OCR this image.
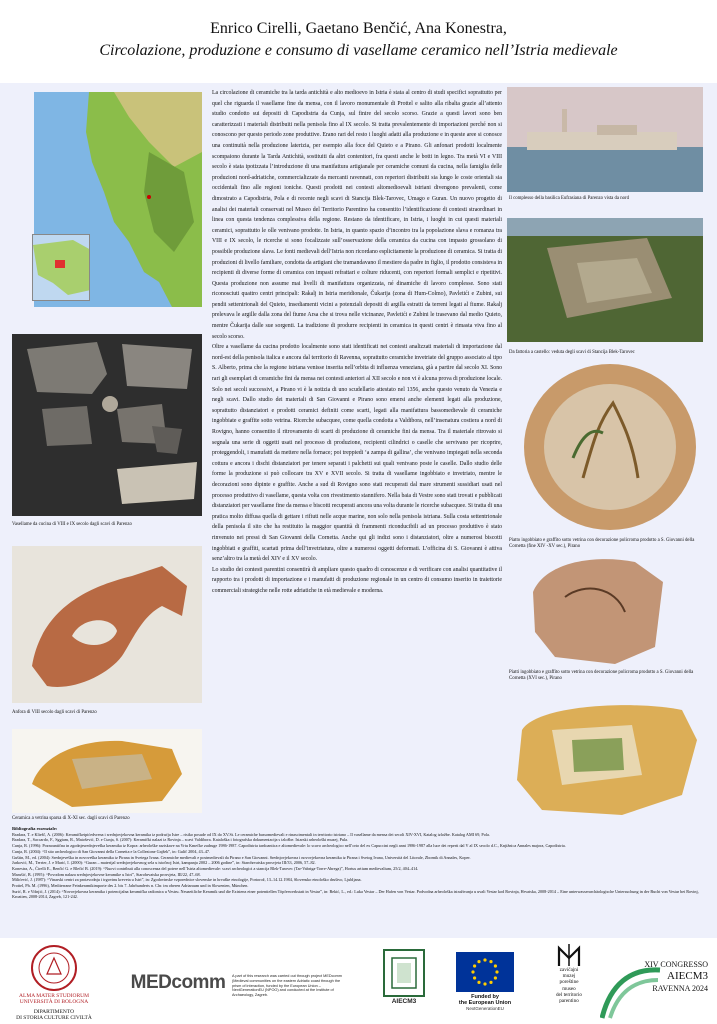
Enrico Cirelli, Gaetano Benčić, Ana Konestra,
Circolazione, produzione e consumo di vasellame ceramico nell’Istria medievale
Il complesso della basilica Eufrasiana di Parenzo vista da nord
Da fattoria a castello: veduta degli scavi di Stancija Blek-Tarovec
Vasellame da cucina di VIII e IX secolo dagli scavi di Parenzo
Piatto ingobbiato e graffito sotto vetrina con decorazione policroma prodotto a S. Giovanni della Cornetta (fine XIV -XV sec.), Pirano
Anfora di VIII secolo dagli scavi di Parenzo
Piatti ingobbiato e graffito sotto vetrina con decorazione policroma prodotto a S. Giovanni della Cornetta (XVI sec.), Pirano
Ceramica a vetrina sparsa di X-XI sec. dagli scavi di Parenzo

La circolazione di ceramiche tra la tarda antichità e alto medioevo in Istria è stata al centro di studi specifici soprattutto per quel che riguarda il vasellame fine da mensa, con il lavoro monumentale di Prottel e salito alla ribalta grazie all’attento studio condotto sui depositi di Capodistria da Cunja, sul finire del secolo scorso. Grazie a questi lavori sono ben caratterizzati i materiali distribuiti nella penisola fino al IX secolo. Si tratta prevalentemente di importazioni perché non si conoscono per questo periodo zone produttive. Erano rari del resto i luoghi adatti alla produzione e in queste aree si conosce una continuità nella produzione laterizia, per esempio alla foce del Quieto e a Pirano. Gli anfonari prodotti localmente scompaiono durante la Tarda Antichità, sostituiti da altri contenitori, fra questi anche le botti in legno. Tra metà VI e VIII secolo è stata ipotizzata l’introduzione di una manifattura artigianale per ceramiche comuni da cucina, nella famiglia delle produzioni nord-adriatiche, commercializzate da mercanti ravennati, con repertori distribuiti sia lungo le coste orientali sia occidentali fino alle regioni ioniche. Questi prodotti nei contesti altomedioevali istriani divengono prevalenti, come dimostrato a Capodistria, Pola e di recente negli scavi di Stancija Blek-Tarovec, Umago e Guran. Un nuovo progetto di analisi dei materiali conservati nel Museo del Territorio Parentino ha consentito l’identificazione di contesti straordinari in linea con questa tendenza complessiva della regione. Restano da identificare, in Istria, i luoghi in cui questi materiali ceramici, soprattutto le olle venivano prodotte. In Istria, in quanto spazio d’incontro tra la popolazione slava e romanza tra VIII e IX secolo, le ricerche si sono focalizzate sull’osservazione della ceramica da cucina con impasto grossolano di possibile produzione slava. Le fonti medievali dell’Istria non ricordano esplicitamente la produzione di ceramica. Si tratta di produzioni di livello familiare, condotta da artigiani che tramandavano il mestiere da padre in figlio, il prodotto consisteva in recipienti di diverse forme di ceramica con impasti refrattari e colture riducenti, con repertori formali semplici e ripetitivi. Questa produzione non assume mai livelli di manifattura organizzata, né dinamiche di lavoro complesse. Sono stati riconosciuti quattro centri principali: Rakalj in Istria meridionale, Čukarija (zona di Hum-Colmo), Pavletići e Zubini, sui pendii settentrionali del Quieto, insediamenti vicini a potenziali depositi di argilla estratti da terreni legati al fiume. Rakalj prelevava le argille dalla zona del fiume Arsa che si trova nelle vicinanze, Pavletići e Zubini le trasevano dal medio Quieto, mentre Čukarija dalle sue sorgenti. La tradizione di produrre recipienti in ceramica in questi centri è rimasta viva fino al secolo scorso.

Oltre a vasellame da cucina prodotto localmente sono stati identificati nei contesti analizzati materiali di importazione dal nord-est della penisola italica e ancora dal territorio di Ravenna, soprattutto ceramiche invetriate del gruppo associato al tipo S. Alberto, prima che la regione istriana venisse inserita nell’orbita di influenza veneziana, già a partire dal secolo XI. Sono rari gli esemplari di ceramiche fini da mensa nei contesti anteriori al XII secolo e non vi è alcuna prova di produzione locale. Solo nei secoli successivi, a Pirano vi è la notizia di uno scudellario attestato nel 1356, anche questo venuto da Venezia e negli scavi. Dallo studio dei materiali di San Giovanni e Pirano sono emersi anche elementi legati alla produzione, soprattutto distanziatori e prodotti ceramici definiti come scarti, legati alla manifattura bassomedievale di ceramiche ingobbiate e graffite sotto vetrina. Ricerche subacquee, come quella condotta a Valdibora, nell’insenatura costiera a nord di Rovigno, hanno consentito il ritrovamento di scarti di produzione di ceramiche fini da mensa. Tra il materiale ritrovato si segnala una serie di oggetti usati nel processo di produzione, recipienti cilindrici o caselle che servivano per ricoprire, proteggendoli, i manufatti da mettere nella fornace; poi treppiedi ‘a zampa di gallina’, che venivano impiegati nella seconda cottura e ancora i dischi distanziatori per tenere separati i palchetti sui quali venivano poste le caselle. Dallo studio delle forme la produzione si può collocare tra XV e XVII secolo. Si tratta di vasellame ingobbiato e invetriato, mentre le decorazioni sono dipinte e graffite. Anche a sud di Rovigno sono stati recuperati dal mare strumenti sussidiari usati nel processo produttivo di vasellame, questa volta con rivestimento stannifero. Nella baia di Vestre sono stati trovati e pubblicati distanziatori per vasellame fine da mensa e biscotti recuperati ancora una volta durante le ricerche subacquee. Si tratta di una pratica molto diffusa quella di gettare i rifiuti nelle acque marine, non solo nella penisola istriana. Sulla costa settentrionale della penisola il sito che ha restituito la maggior quantità di frammenti riconducibili ad un processo produttivo è stato rinvenuto nei pressi di San Giovanni della Cornetta. Anche qui gli indizi sono i distanziatori, oltre a numerosi biscotti ingobbiati e graffiti, scartati prima dell’invetriatura, oltre a numerosi oggetti deformati. L’officina di S. Giovanni è attiva senz’altro tra la metà del XIV e il XV secolo.

Lo studio dei contesti parentini consentirà di ampliare questo quadro di conoscenze e di verificare con analisi quantitative il rapporto tra i prodotti di importazione e i manufatti di produzione regionale in un centro di consumo inserito in traiettorie commerciali strategiche nelle rotte adriatiche in età medievale e moderna.

Bibliografia essenziale:
Bradara, T. e Kliešč, A. (2006): Keramičkeipićedvrena i srednjovjekovna keramika iz podrućja Istre – risiko posude od IX do XV.St. Le ceramiche bassomedievali e rinascimentali in territorio istriano – Il vasellame da mensa dei secoli XIV-XVI, Katalog izložbe. Katalog AMI 69, Pola.
Bradara, T., Saccardo, F., Sggiam, R., Matošević, D. e Cunja, S. (2007): Keramički nalazi iz Rovinja – scavi Valdibora. Kataloška i fotografska dokumentacija s izložbe. Istarski arheološki muzej, Pula.
Cunja, R. (1996): Poznoantična in zgodnjesrednjeveška keramika iz Kopra: arheološke raziskave na Vrtu Kmečke zadruge 1986-1987. Capodistria tardoantica e altomedievale: lo scavo archeologico nell’orto del ex Capuccini negli anni 1986-1987 alla luce dei reperti dal V al IX secolo d.C., Knjižnica Annales majora, Capodistria.
Cunja, R. (2004): “Il sito archeologico di San Giovanni della Cornetta e la Collezione Gajšek”, in: Gulič 2004, 43–47.
Guštin, M., ed. (2004): Srednjeveška in novoveška keramika iz Pirana in Svetega Ivana. Ceramiche medievali e postmedievali da Pirano e San Giovanni. Srednjovjekovna i novovjekovna keramika iz Pirana i Svetog Ivana, Università del Litorale, Zbornik di Annales, Koper.
Jurković, M., Terrier, J. e Marić, I. (2000): “Guran – materijal srednjovjekovnog sela u istočnoj Istri, kampanja 2002 – 2006 godine”, in: Starohrvatska prosvjeta III/33, 2006, 57–82.
Konestra, A., Ćirelli E., Benčić G. e Blečić B. (2019): “Nuovi contributi alla conoscenza del potere nell’Istria altomedievale: scavi archeologici a stancija Blek-Tarovec (Tar-Vabriga-Torre-Abrega)”, Hortus artium medievalium, 25/2, 404–414.
Marušić, B. (1995): “Povodom nalaza srednjovjekovne keramike u Istri”, Starohrvatska prosvjeta, III/22, 47–68.
Milićević, J. (1987): “Vinarski centri za proizvodnju i trgovinu kreveta u Istri”, in: Zgodovinske vzporednice slovenske in hrvaške etnologije, Portorož, 13–14.12.1984, Slovensko etnološko društvo, Ljubljana.
Prottel, Ph. M. (1996), Mediterrane Feinkeramikimporte des 2. bis 7. Jahrhunderts n. Chr. im oberen Adriaraum und in Slowenien, München.
Surić, R. e Višnjić, J. (2014): “Novovjekovna keramika i potencijalna keramička radionica u Vestru. Neuzeitliche Keramik und die Existenz einer potentiellen Töpferwerkstatt in Vestar”, in: Bekić, L., ed.: Luka Vestar – Der Hafen von Vestar. Podvodna arheološka istraživanja u uvali Vestar kod Rovinja, Hrvatska, 2008-2014 – Eine unterwasserarchäologische Untersuchung in der Bucht von Vestar bei Rovinj, Kroatien, 2008-2014, Zagreb, 121-242.
ALMA MATER STUDIORUM
UNIVERSITÀ DI BOLOGNA
DIPARTIMENTO
DI STORIA CULTURE CIVILTÀ
MEDcomm	A part of this research was carried out through project MEDcomm (Medieval communities on the eastern Adriatic coast through the prism of interaction, funded by the European Union – NextGenerationEU (NPOO) and conducted at the Institute of Archaeology, Zagreb.
AIECM3
Funded by
the European Union
NextGenerationEU
zavičajni
muzej
poreštine
museo
del territorio
parentino
XIV CONGRESSO
AIECM3
RAVENNA 2024
